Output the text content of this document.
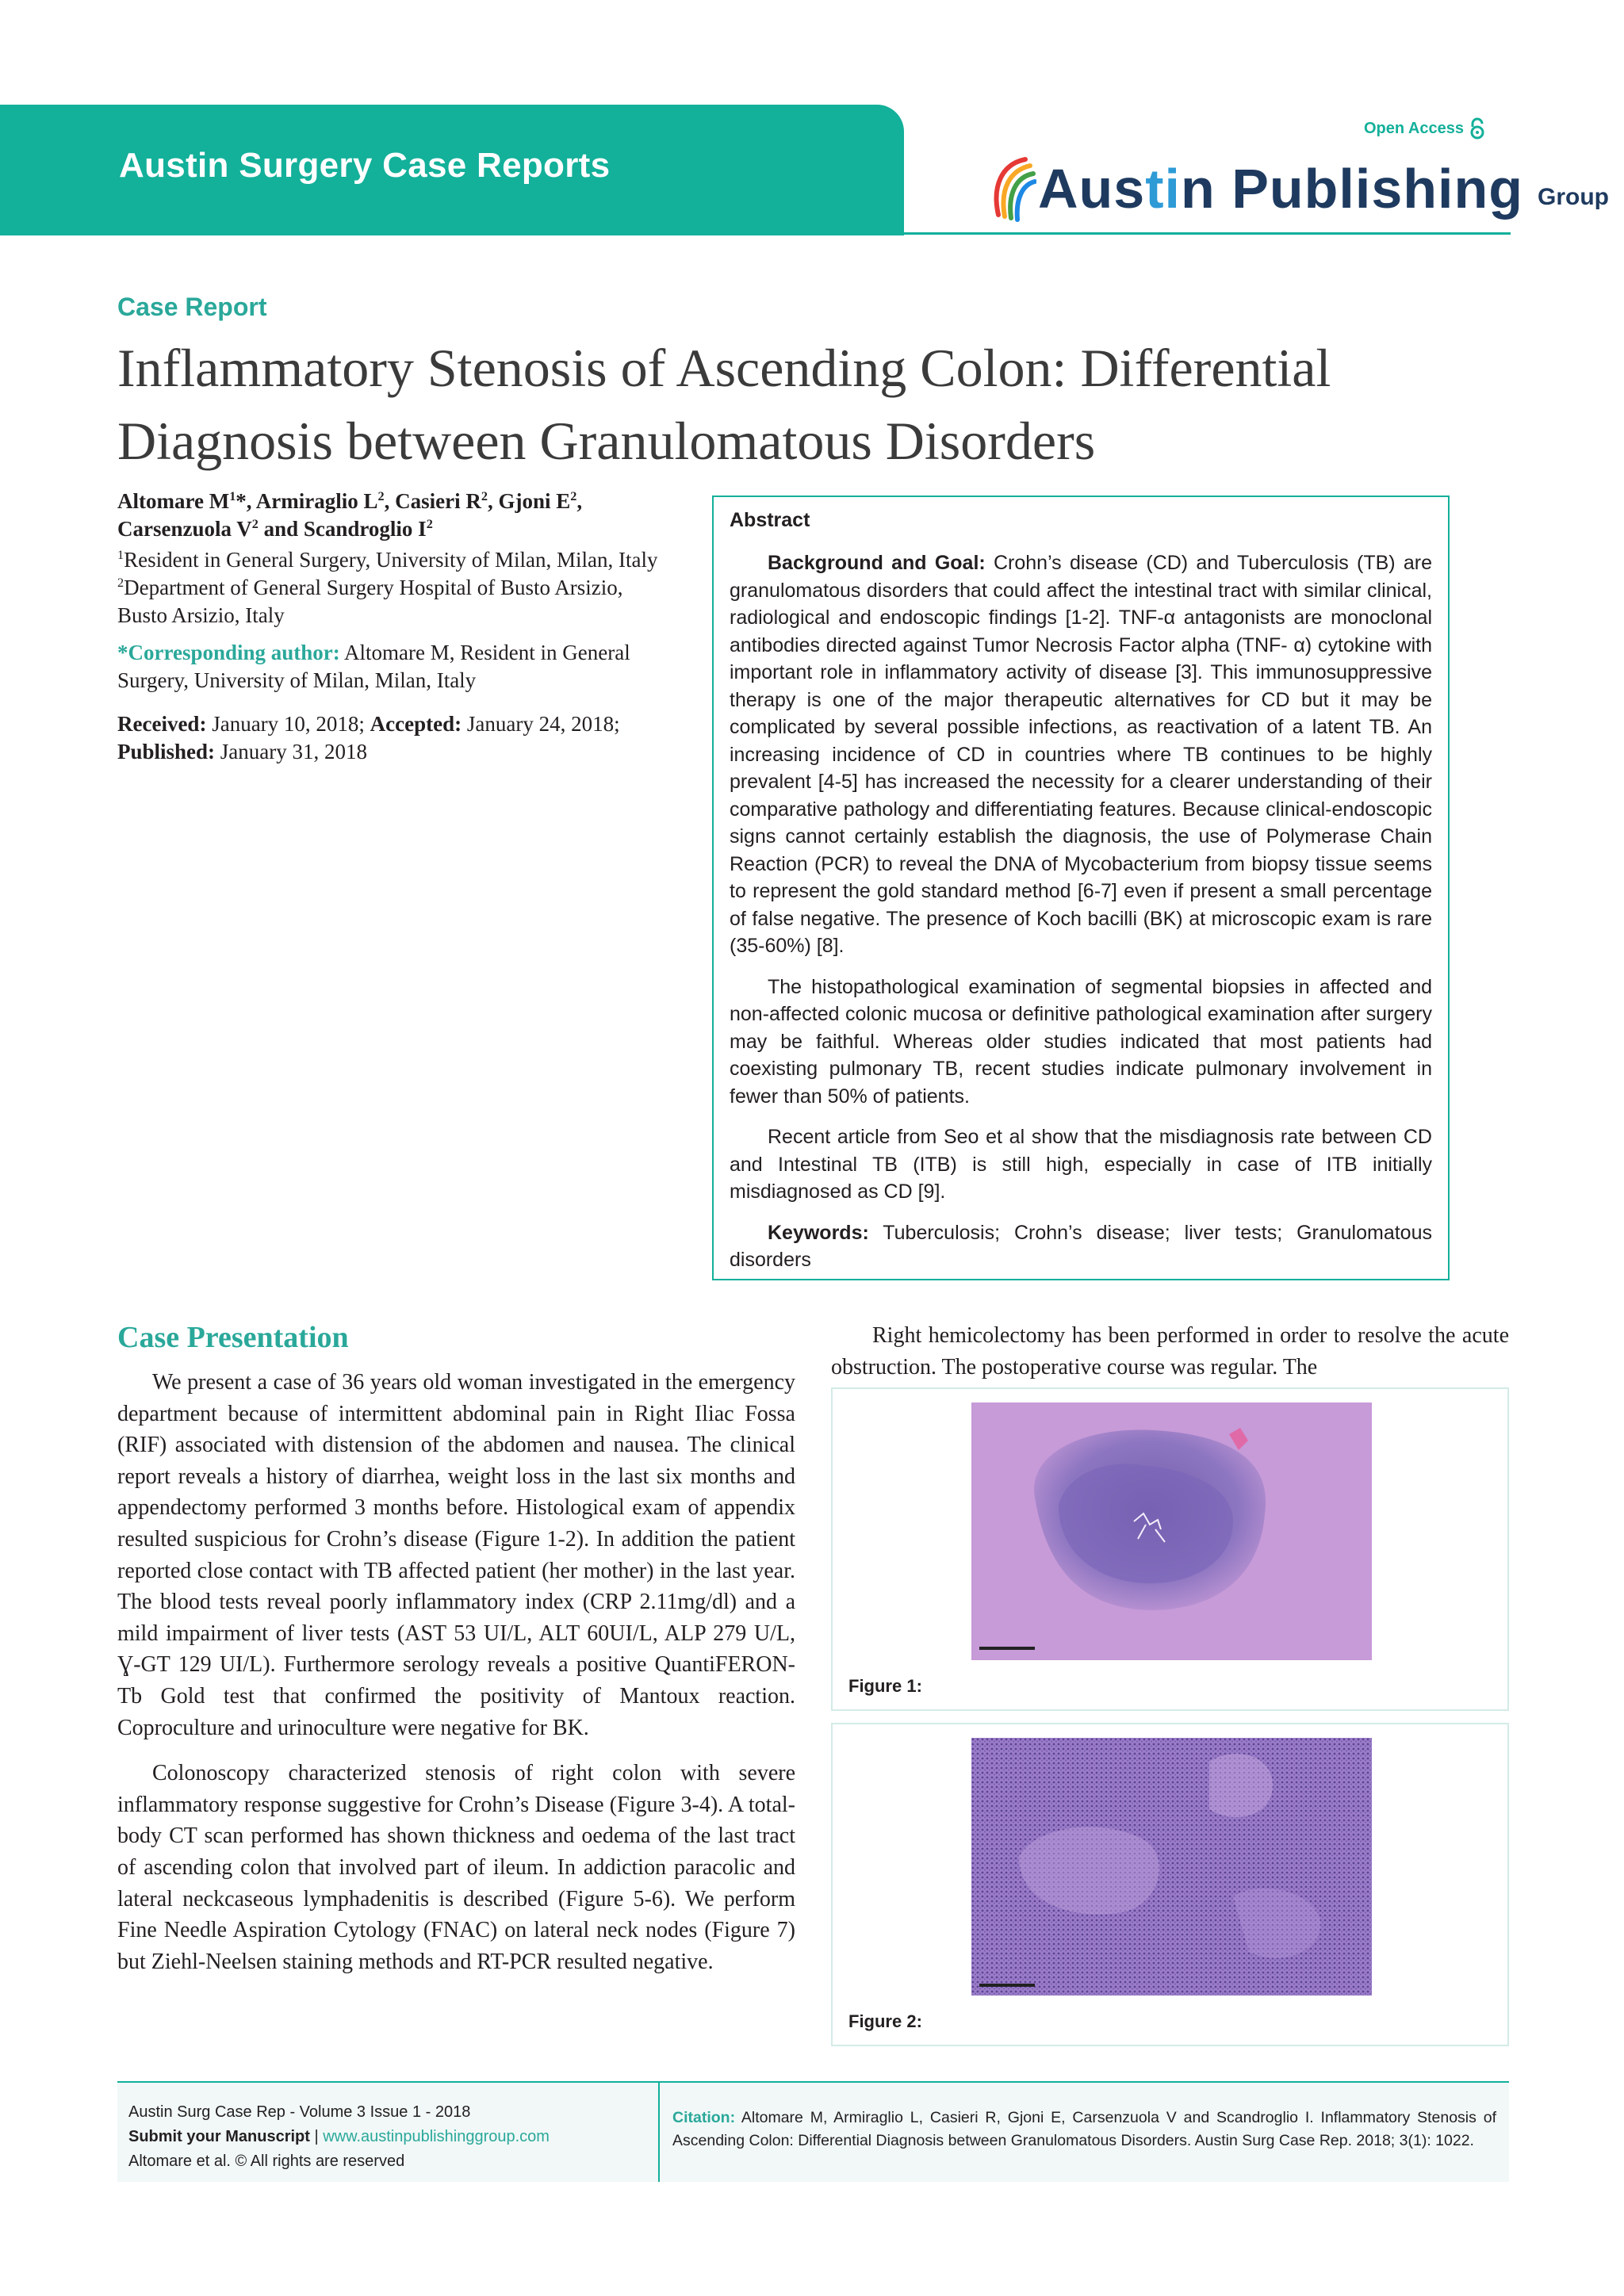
Austin Surgery Case Reports
Open Access
Austin Publishing Group
Case Report
Inflammatory Stenosis of Ascending Colon: Differential Diagnosis between Granulomatous Disorders

Altomare $M^1*$, Armiraglio $L^2$, Casieri $R^2$, Gjoni $E^2$,
Carsenzuola $V^2$ and Scandroglio $I^2$

$^1$Resident in General Surgery, University of Milan, Milan, Italy

$^2$Department of General Surgery Hospital of Busto Arsizio, Busto Arsizio, Italy

*Corresponding author: Altomare M, Resident in General Surgery, University of Milan, Milan, Italy

Received: January 10, 2018; Accepted: January 24, 2018; Published: January 31, 2018

Abstract

Background and Goal: Crohn’s disease (CD) and Tuberculosis (TB) are granulomatous disorders that could affect the intestinal tract with similar clinical, radiological and endoscopic findings [1-2]. TNF-α antagonists are monoclonal antibodies directed against Tumor Necrosis Factor alpha (TNF- α) cytokine with important role in inflammatory activity of disease [3]. This immunosuppressive therapy is one of the major therapeutic alternatives for CD but it may be complicated by several possible infections, as reactivation of a latent TB. An increasing incidence of CD in countries where TB continues to be highly prevalent [4-5] has increased the necessity for a clearer understanding of their comparative pathology and differentiating features. Because clinical-endoscopic signs cannot certainly establish the diagnosis, the use of Polymerase Chain Reaction (PCR) to reveal the DNA of Mycobacterium from biopsy tissue seems to represent the gold standard method [6-7] even if present a small percentage of false negative. The presence of Koch bacilli (BK) at microscopic exam is rare (35-60%) [8].

The histopathological examination of segmental biopsies in affected and non-affected colonic mucosa or definitive pathological examination after surgery may be faithful. Whereas older studies indicated that most patients had coexisting pulmonary TB, recent studies indicate pulmonary involvement in fewer than 50% of patients.

Recent article from Seo et al show that the misdiagnosis rate between CD and Intestinal TB (ITB) is still high, especially in case of ITB initially misdiagnosed as CD [9].

Keywords: Tuberculosis; Crohn’s disease; liver tests; Granulomatous disorders

Case Presentation

We present a case of 36 years old woman investigated in the emergency department because of intermittent abdominal pain in Right Iliac Fossa (RIF) associated with distension of the abdomen and nausea. The clinical report reveals a history of diarrhea, weight loss in the last six months and appendectomy performed 3 months before. Histological exam of appendix resulted suspicious for Crohn’s disease (Figure 1-2). In addition the patient reported close contact with TB affected patient (her mother) in the last year. The blood tests reveal poorly inflammatory index (CRP 2.11mg/dl) and a mild impairment of liver tests (AST 53 UI/L, ALT 60UI/L, ALP 279 U/L, Ɣ-GT 129 UI/L). Furthermore serology reveals a positive QuantiFERON-Tb Gold test that confirmed the positivity of Mantoux reaction. Coproculture and urinoculture were negative for BK.

Colonoscopy characterized stenosis of right colon with severe inflammatory response suggestive for Crohn’s Disease (Figure 3-4). A total-body CT scan performed has shown thickness and oedema of the last tract of ascending colon that involved part of ileum. In addiction paracolic and lateral neckcaseous lymphadenitis is described (Figure 5-6). We perform Fine Needle Aspiration Cytology (FNAC) on lateral neck nodes (Figure 7) but Ziehl-Neelsen staining methods and RT-PCR resulted negative.

Right hemicolectomy has been performed in order to resolve the acute obstruction. The postoperative course was regular. The

Figure 1:
Figure 2:
Austin Surg Case Rep - Volume 3 Issue 1 - 2018
Submit your Manuscript | www.austinpublishinggroup.com
Altomare et al. © All rights are reserved
Citation: Altomare M, Armiraglio L, Casieri R, Gjoni E, Carsenzuola V and Scandroglio I. Inflammatory Stenosis of Ascending Colon: Differential Diagnosis between Granulomatous Disorders. Austin Surg Case Rep. 2018; 3(1): 1022.
